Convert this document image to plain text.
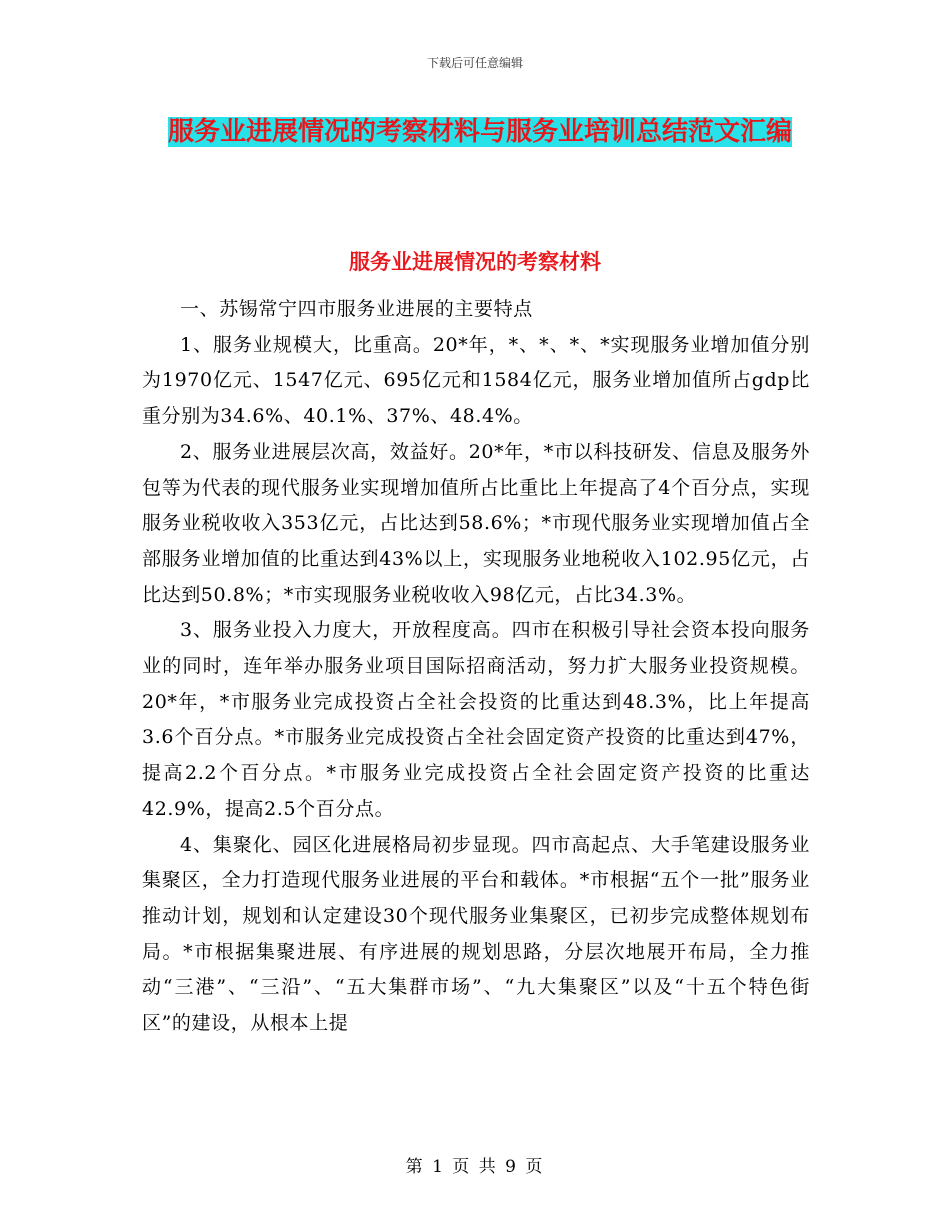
下载后可任意编辑
服务业进展情况的考察材料与服务业培训总结范文汇编
服务业进展情况的考察材料

一、苏锡常宁四市服务业进展的主要特点

1、服务业规模大，比重高。20*年，*、*、*、*实现服务业增加值分别为1970亿元、1547亿元、695亿元和1584亿元，服务业增加值所占gdp比重分别为34.6%、40.1%、37%、48.4%。

2、服务业进展层次高，效益好。20*年，*市以科技研发、信息及服务外包等为代表的现代服务业实现增加值所占比重比上年提高了4个百分点，实现服务业税收收入353亿元，占比达到58.6%；*市现代服务业实现增加值占全部服务业增加值的比重达到43%以上，实现服务业地税收入102.95亿元，占比达到50.8%；*市实现服务业税收收入98亿元，占比34.3%。

3、服务业投入力度大，开放程度高。四市在积极引导社会资本投向服务业的同时，连年举办服务业项目国际招商活动，努力扩大服务业投资规模。20*年，*市服务业完成投资占全社会投资的比重达到48.3%，比上年提高3.6个百分点。*市服务业完成投资占全社会固定资产投资的比重达到47%，提高2.2个百分点。*市服务业完成投资占全社会固定资产投资的比重达42.9%，提高2.5个百分点。

4、集聚化、园区化进展格局初步显现。四市高起点、大手笔建设服务业集聚区，全力打造现代服务业进展的平台和载体。*市根据“五个一批”服务业推动计划，规划和认定建设30个现代服务业集聚区，已初步完成整体规划布局。*市根据集聚进展、有序进展的规划思路，分层次地展开布局，全力推动“三港”、“三沿”、“五大集群市场”、“九大集聚区”以及“十五个特色街区”的建设，从根本上提

第 1 页 共 9 页
